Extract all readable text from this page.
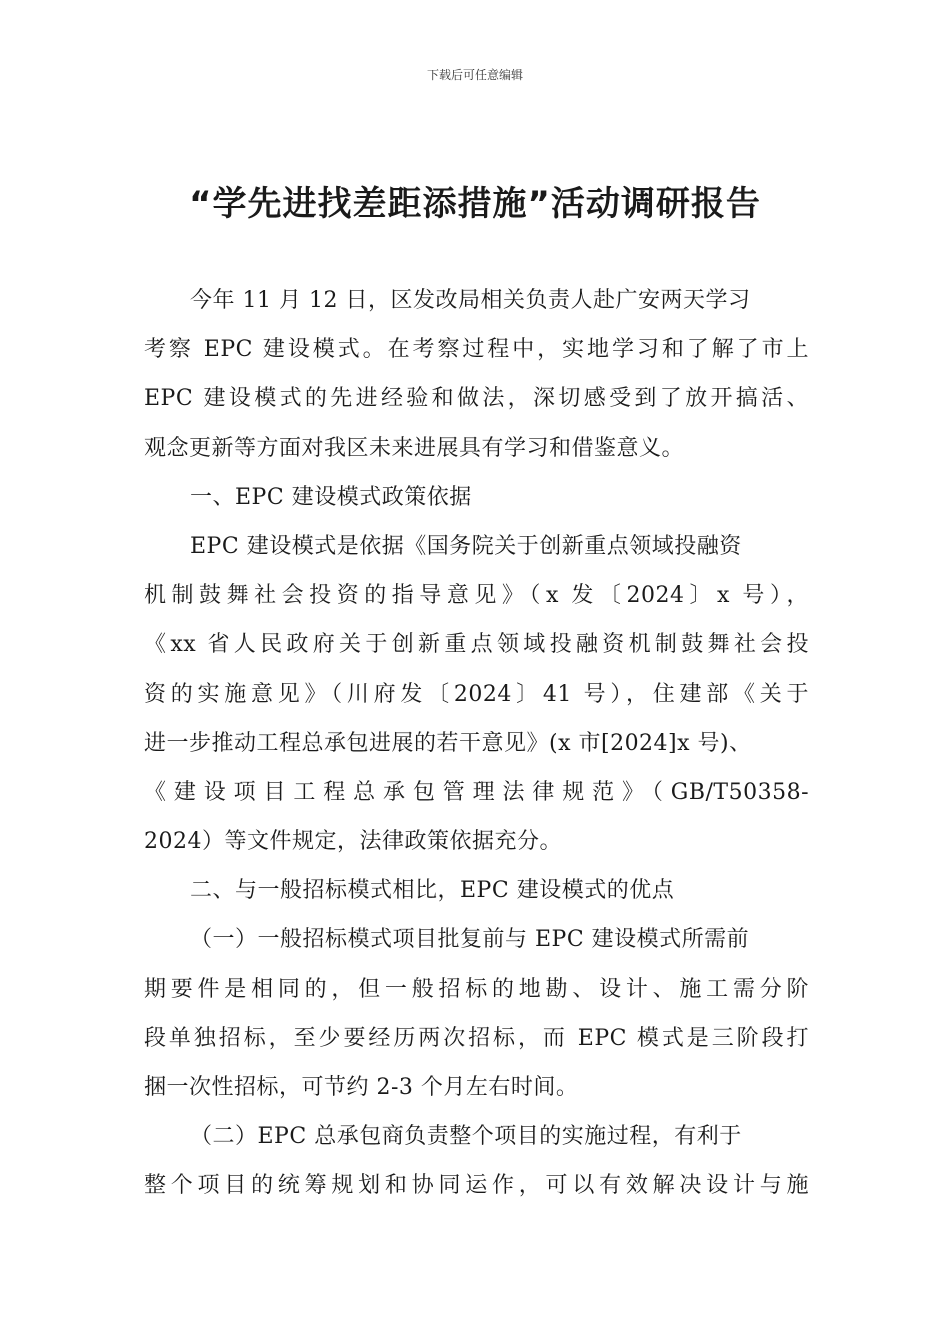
下载后可任意编辑
“学先进找差距添措施”活动调研报告
今年 11 月 12 日，区发改局相关负责人赴广安两天学习
考察 EPC 建设模式。在考察过程中，实地学习和了解了市上
EPC 建设模式的先进经验和做法，深切感受到了放开搞活、
观念更新等方面对我区未来进展具有学习和借鉴意义。
一、EPC 建设模式政策依据
EPC 建设模式是依据《国务院关于创新重点领域投融资
机制鼓舞社会投资的指导意见》（x 发〔2024〕x 号），
《xx 省人民政府关于创新重点领域投融资机制鼓舞社会投
资的实施意见》（川府发〔2024〕41 号），住建部《关于
进一步推动工程总承包进展的若干意见》(x 市[2024]x 号)、
《建设项目工程总承包管理法律规范》（GB/T50358-
2024）等文件规定，法律政策依据充分。
二、与一般招标模式相比，EPC 建设模式的优点
（一）一般招标模式项目批复前与 EPC 建设模式所需前
期要件是相同的，但一般招标的地勘、设计、施工需分阶
段单独招标，至少要经历两次招标，而 EPC 模式是三阶段打
捆一次性招标，可节约 2-3 个月左右时间。
（二）EPC 总承包商负责整个项目的实施过程，有利于
整个项目的统筹规划和协同运作，可以有效解决设计与施
